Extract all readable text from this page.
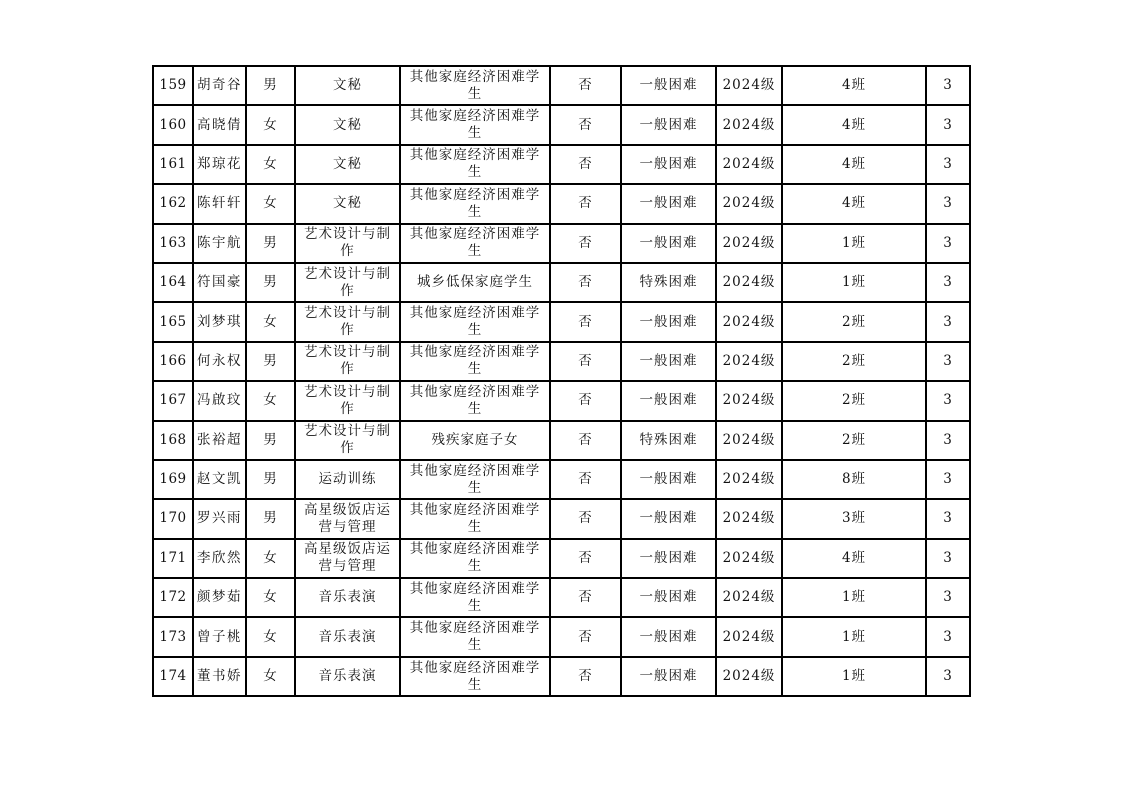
159	胡奇谷	男	文秘	其他家庭经济困难学生	否	一般困难	2024级	4班	3
160	高晓倩	女	文秘	其他家庭经济困难学生	否	一般困难	2024级	4班	3
161	郑琼花	女	文秘	其他家庭经济困难学生	否	一般困难	2024级	4班	3
162	陈轩轩	女	文秘	其他家庭经济困难学生	否	一般困难	2024级	4班	3
163	陈宇航	男	艺术设计与制作	其他家庭经济困难学生	否	一般困难	2024级	1班	3
164	符国豪	男	艺术设计与制作	城乡低保家庭学生	否	特殊困难	2024级	1班	3
165	刘梦琪	女	艺术设计与制作	其他家庭经济困难学生	否	一般困难	2024级	2班	3
166	何永权	男	艺术设计与制作	其他家庭经济困难学生	否	一般困难	2024级	2班	3
167	冯啟玟	女	艺术设计与制作	其他家庭经济困难学生	否	一般困难	2024级	2班	3
168	张裕超	男	艺术设计与制作	残疾家庭子女	否	特殊困难	2024级	2班	3
169	赵文凯	男	运动训练	其他家庭经济困难学生	否	一般困难	2024级	8班	3
170	罗兴雨	男	高星级饭店运营与管理	其他家庭经济困难学生	否	一般困难	2024级	3班	3
171	李欣然	女	高星级饭店运营与管理	其他家庭经济困难学生	否	一般困难	2024级	4班	3
172	颜梦茹	女	音乐表演	其他家庭经济困难学生	否	一般困难	2024级	1班	3
173	曾子桃	女	音乐表演	其他家庭经济困难学生	否	一般困难	2024级	1班	3
174	董书娇	女	音乐表演	其他家庭经济困难学生	否	一般困难	2024级	1班	3
